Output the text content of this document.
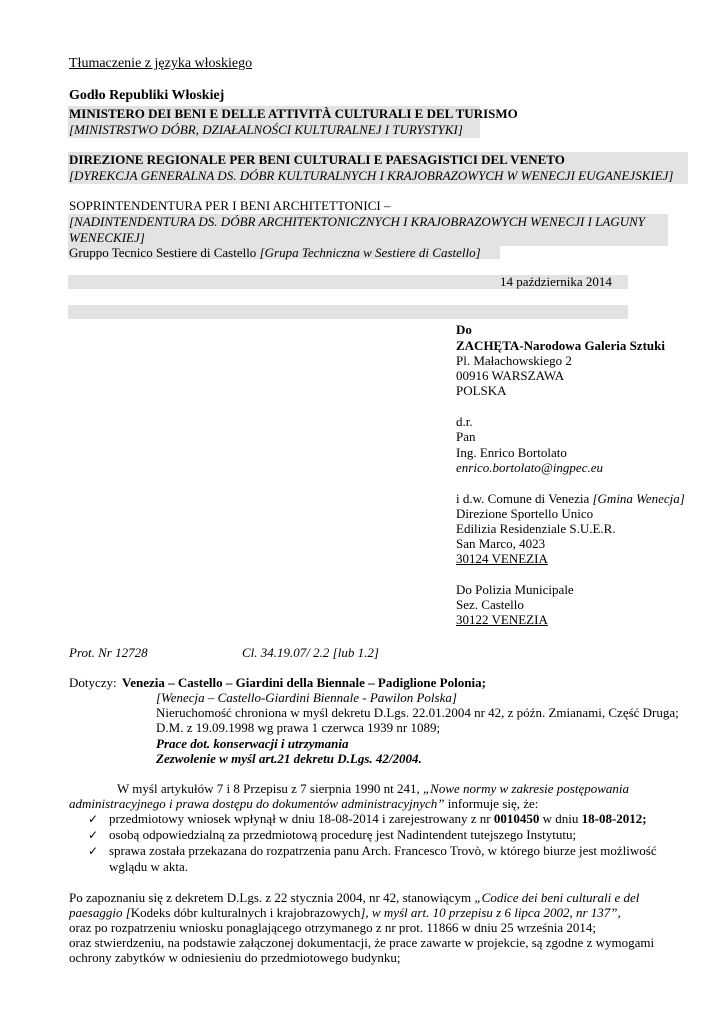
Tłumaczenie z języka włoskiego
Godło Republiki Włoskiej
MINISTERO DEI BENI E DELLE ATTIVITÀ CULTURALI E DEL TURISMO
[MINISTRSTWO DÓBR, DZIAŁALNOŚCI KULTURALNEJ I TURYSTYKI]
DIREZIONE REGIONALE PER BENI CULTURALI E PAESAGISTICI DEL VENETO
[DYREKCJA GENERALNA DS. DÓBR KULTURALNYCH I KRAJOBRAZOWYCH W WENECJI EUGANEJSKIEJ]
SOPRINTENDENTURA PER I BENI ARCHITETTONICI –
[NADINTENDENTURA DS. DÓBR ARCHITEKTONICZNYCH I KRAJOBRAZOWYCH WENECJI I LAGUNY
WENECKIEJ]
Gruppo Tecnico Sestiere di Castello [Grupa Techniczna w Sestiere di Castello]
14 października 2014
Do
ZACHĘTA-Narodowa Galeria Sztuki
Pl. Małachowskiego 2
00916 WARSZAWA
POLSKA
d.r.
Pan
Ing. Enrico Bortolato
enrico.bortolato@ingpec.eu
i d.w. Comune di Venezia [Gmina Wenecja]
Direzione Sportello Unico
Edilizia Residenziale S.U.E.R.
San Marco, 4023
30124 VENEZIA
Do Polizia Municipale
Sez. Castello
30122 VENEZIA
Prot. Nr 12728	Cl. 34.19.07/ 2.2 [lub 1.2]
Dotyczy: Venezia – Castello – Giardini della Biennale – Padiglione Polonia;
[Wenecja – Castello-Giardini Biennale - Pawilon Polska]
Nieruchomość chroniona w myśl dekretu D.Lgs. 22.01.2004 nr 42, z późn. Zmianami, Część Druga;
D.M. z 19.09.1998 wg prawa 1 czerwca 1939 nr 1089;
Prace dot. konserwacji i utrzymania
Zezwolenie w myśl art.21 dekretu D.Lgs. 42/2004.
W myśl artykułów 7 i 8 Przepisu z 7 sierpnia 1990 nt 241, „Nowe normy w zakresie postępowania
administracyjnego i prawa dostępu do dokumentów administracyjnych” informuje się, że:
✓ przedmiotowy wniosek wpłynął w dniu 18-08-2014 i zarejestrowany z nr 0010450 w dniu 18-08-2012;
✓ osobą odpowiedzialną za przedmiotową procedurę jest Nadintendent tutejszego Instytutu;
✓ sprawa została przekazana do rozpatrzenia panu Arch. Francesco Trovò, w którego biurze jest możliwość
wglądu w akta.
Po zapoznaniu się z dekretem D.Lgs. z 22 stycznia 2004, nr 42, stanowiącym „Codice dei beni culturali e del
paesaggio [Kodeks dóbr kulturalnych i krajobrazowych], w myśl art. 10 przepisu z 6 lipca 2002, nr 137”,
oraz po rozpatrzeniu wniosku ponaglającego otrzymanego z nr prot. 11866 w dniu 25 września 2014;
oraz stwierdzeniu, na podstawie załączonej dokumentacji, że prace zawarte w projekcie, są zgodne z wymogami
ochrony zabytków w odniesieniu do przedmiotowego budynku;
